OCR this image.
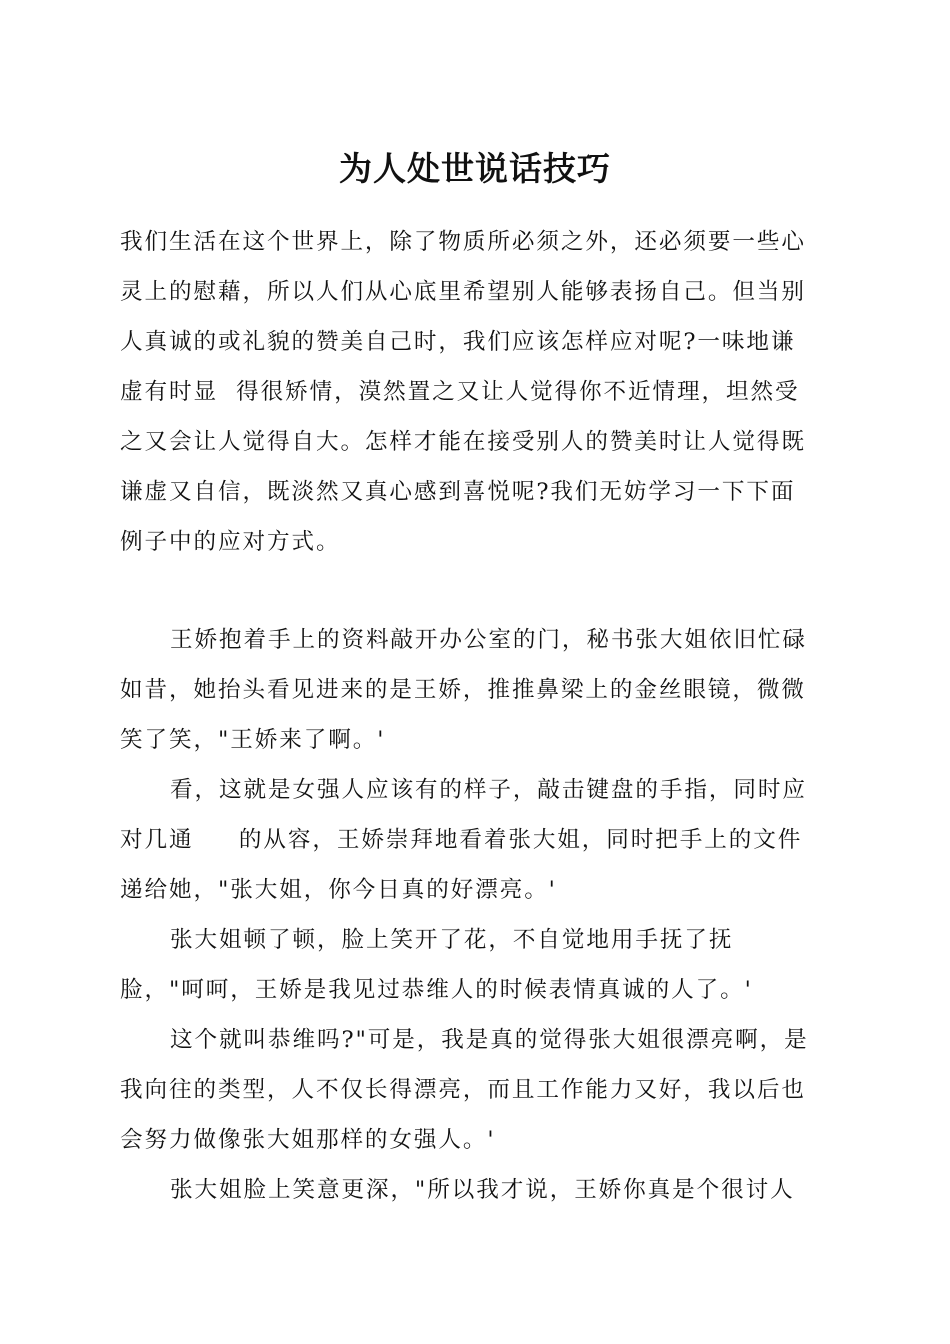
为人处世说话技巧
我们生活在这个世界上，除了物质所必须之外，还必须要一些心
灵上的慰藉，所以人们从心底里希望别人能够表扬自己。但当别
人真诚的或礼貌的赞美自己时，我们应该怎样应对呢?一味地谦
虚有时显  得很矫情，漠然置之又让人觉得你不近情理，坦然受
之又会让人觉得自大。怎样才能在接受别人的赞美时让人觉得既
谦虚又自信，既淡然又真心感到喜悦呢?我们无妨学习一下下面
例子中的应对方式。
王娇抱着手上的资料敲开办公室的门，秘书张大姐依旧忙碌
如昔，她抬头看见进来的是王娇，推推鼻梁上的金丝眼镜，微微
笑了笑，"王娇来了啊。'
看，这就是女强人应该有的样子，敲击键盘的手指，同时应
对几通     的从容，王娇崇拜地看着张大姐，同时把手上的文件
递给她，"张大姐，你今日真的好漂亮。'
张大姐顿了顿，脸上笑开了花，不自觉地用手抚了抚
脸，"呵呵，王娇是我见过恭维人的时候表情真诚的人了。'
这个就叫恭维吗?"可是，我是真的觉得张大姐很漂亮啊，是
我向往的类型，人不仅长得漂亮，而且工作能力又好，我以后也
会努力做像张大姐那样的女强人。'
张大姐脸上笑意更深，"所以我才说，王娇你真是个很讨人
